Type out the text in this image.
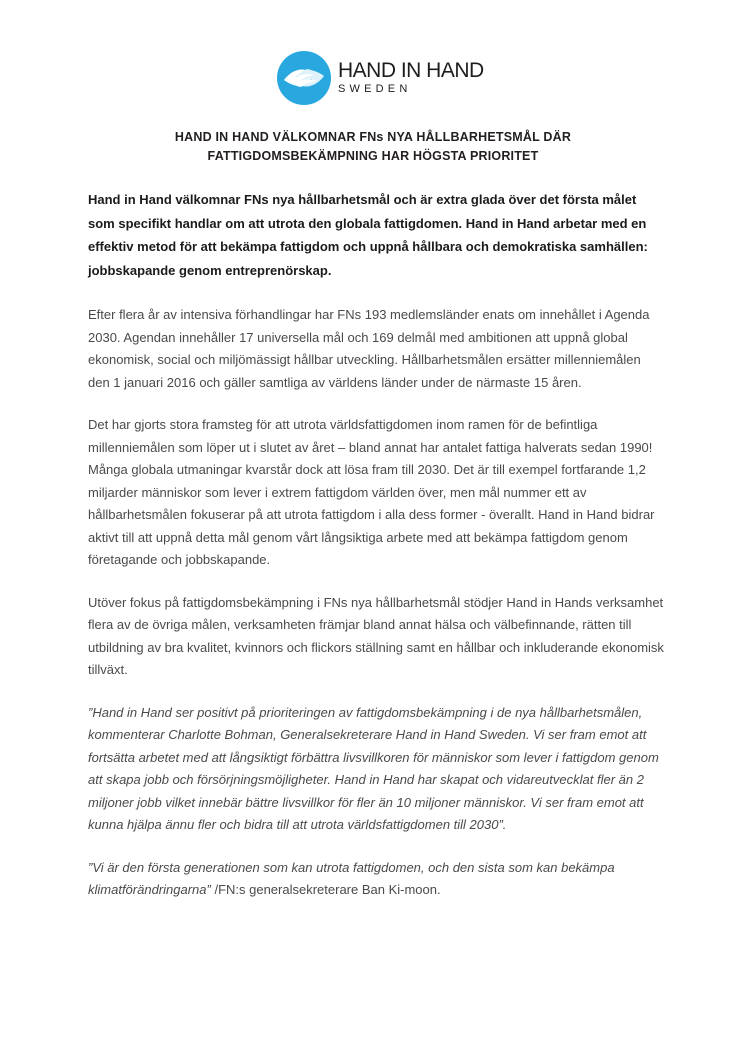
HAND IN HAND
SWEDEN
HAND IN HAND VÄLKOMNAR FNs NYA HÅLLBARHETSMÅL DÄR
FATTIGDOMSBEKÄMPNING HAR HÖGSTA PRIORITET

Hand in Hand välkomnar FNs nya hållbarhetsmål och är extra glada över det första målet som specifikt handlar om att utrota den globala fattigdomen. Hand in Hand arbetar med en effektiv metod för att bekämpa fattigdom och uppnå hållbara och demokratiska samhällen: jobbskapande genom entreprenörskap.

Efter flera år av intensiva förhandlingar har FNs 193 medlemsländer enats om innehållet i Agenda 2030. Agendan innehåller 17 universella mål och 169 delmål med ambitionen att uppnå global ekonomisk, social och miljömässigt hållbar utveckling. Hållbarhetsmålen ersätter millenniemålen den 1 januari 2016 och gäller samtliga av världens länder under de närmaste 15 åren.

Det har gjorts stora framsteg för att utrota världsfattigdomen inom ramen för de befintliga millenniemålen som löper ut i slutet av året – bland annat har antalet fattiga halverats sedan 1990! Många globala utmaningar kvarstår dock att lösa fram till 2030. Det är till exempel fortfarande 1,2 miljarder människor som lever i extrem fattigdom världen över, men mål nummer ett av hållbarhetsmålen fokuserar på att utrota fattigdom i alla dess former - överallt. Hand in Hand bidrar aktivt till att uppnå detta mål genom vårt långsiktiga arbete med att bekämpa fattigdom genom företagande och jobbskapande.

Utöver fokus på fattigdomsbekämpning i FNs nya hållbarhetsmål stödjer Hand in Hands verksamhet flera av de övriga målen, verksamheten främjar bland annat hälsa och välbefinnande, rätten till utbildning av bra kvalitet, kvinnors och flickors ställning samt en hållbar och inkluderande ekonomisk tillväxt.

”Hand in Hand ser positivt på prioriteringen av fattigdomsbekämpning i de nya hållbarhetsmålen, kommenterar Charlotte Bohman, Generalsekreterare Hand in Hand Sweden. Vi ser fram emot att fortsätta arbetet med att långsiktigt förbättra livsvillkoren för människor som lever i fattigdom genom att skapa jobb och försörjningsmöjligheter. Hand in Hand har skapat och vidareutvecklat fler än 2 miljoner jobb vilket innebär bättre livsvillkor för fler än 10 miljoner människor. Vi ser fram emot att kunna hjälpa ännu fler och bidra till att utrota världsfattigdomen till 2030”.

”Vi är den första generationen som kan utrota fattigdomen, och den sista som kan bekämpa klimatförändringarna” /FN:s generalsekreterare Ban Ki-moon.
